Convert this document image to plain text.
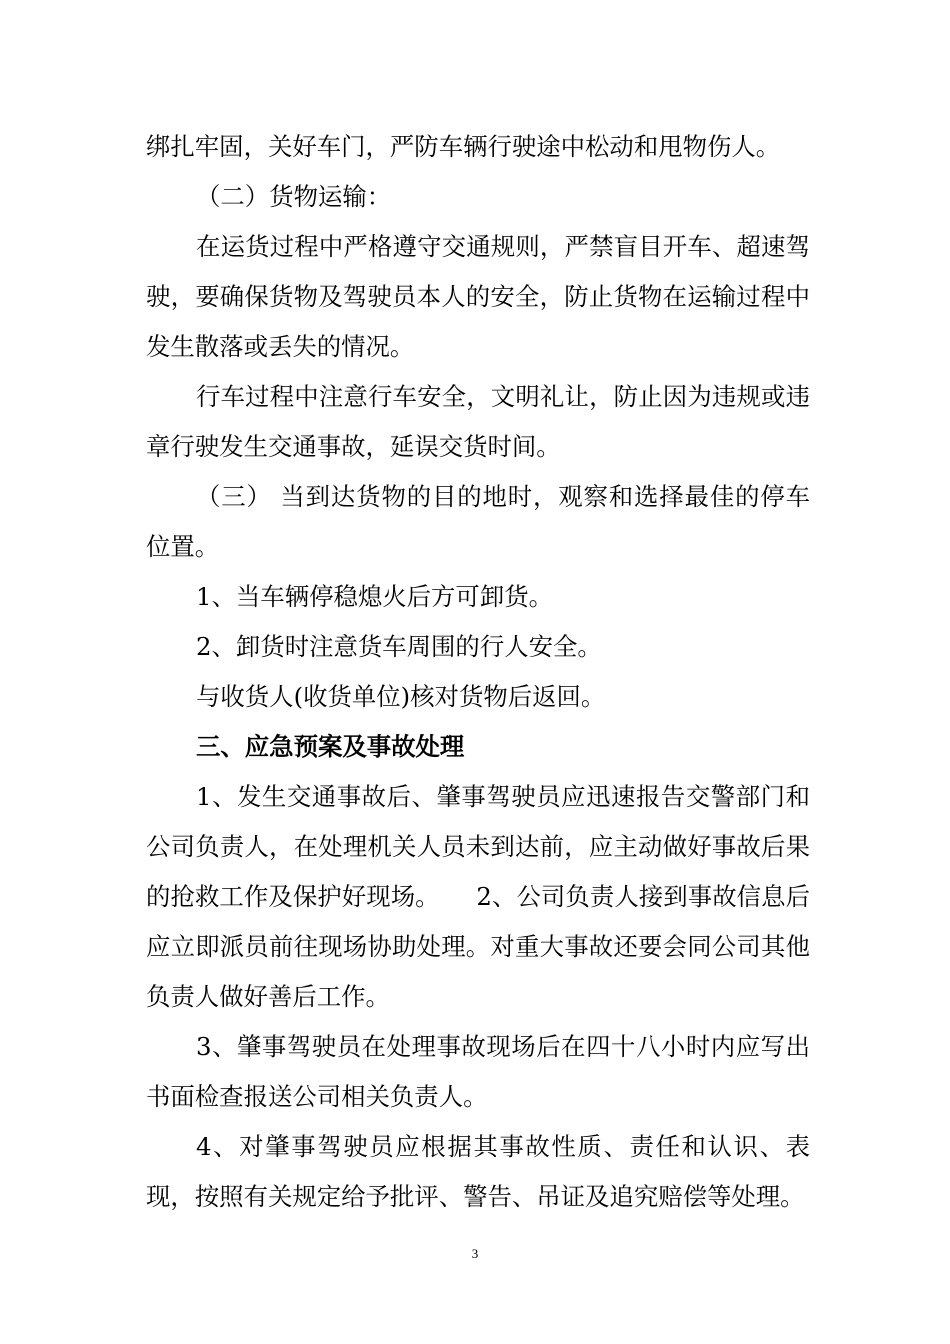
绑扎牢固，关好车门，严防车辆行驶途中松动和甩物伤人。

（二）货物运输：

在运货过程中严格遵守交通规则，严禁盲目开车、超速驾驶，要确保货物及驾驶员本人的安全，防止货物在运输过程中发生散落或丢失的情况。

行车过程中注意行车安全，文明礼让，防止因为违规或违章行驶发生交通事故，延误交货时间。

（三） 当到达货物的目的地时，观察和选择最佳的停车位置。

1、当车辆停稳熄火后方可卸货。

2、卸货时注意货车周围的行人安全。

与收货人(收货单位)核对货物后返回。

三、应急预案及事故处理

1、发生交通事故后、肇事驾驶员应迅速报告交警部门和公司负责人，在处理机关人员未到达前，应主动做好事故后果的抢救工作及保护好现场。　　2、公司负责人接到事故信息后应立即派员前往现场协助处理。对重大事故还要会同公司其他负责人做好善后工作。

3、肇事驾驶员在处理事故现场后在四十八小时内应写出书面检查报送公司相关负责人。

4、对肇事驾驶员应根据其事故性质、责任和认识、表现，按照有关规定给予批评、警告、吊证及追究赔偿等处理。

3
